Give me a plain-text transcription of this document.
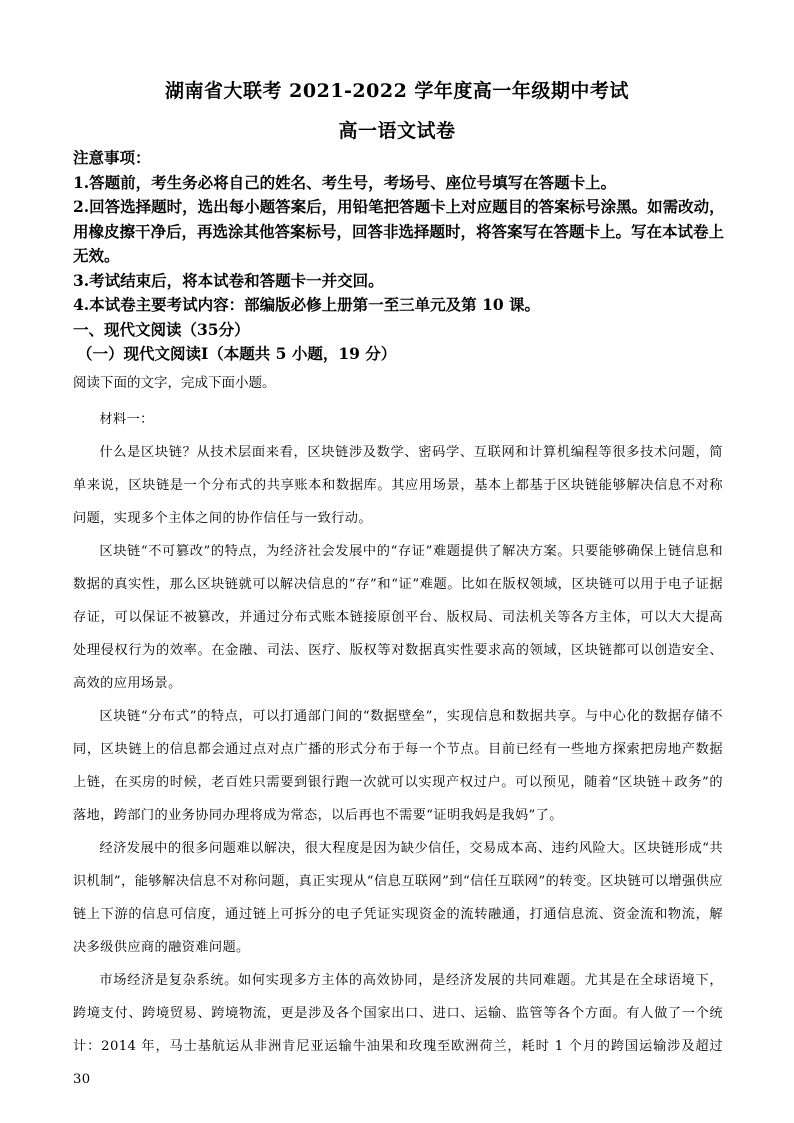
湖南省大联考 2021-2022 学年度高一年级期中考试
高一语文试卷

注意事项：

1.答题前，考生务必将自己的姓名、考生号，考场号、座位号填写在答题卡上。

2.回答选择题时，选出每小题答案后，用铅笔把答题卡上对应题目的答案标号涂黑。如需改动，用橡皮擦干净后，再选涂其他答案标号，回答非选择题时，将答案写在答题卡上。写在本试卷上无效。

3.考试结束后，将本试卷和答题卡一并交回。

4.本试卷主要考试内容：部编版必修上册第一至三单元及第 10 课。

一、现代文阅读（35分）

（一）现代文阅读Ⅰ（本题共 5 小题，19 分）

阅读下面的文字，完成下面小题。

材料一：

什么是区块链？从技术层面来看，区块链涉及数学、密码学、互联网和计算机编程等很多技术问题，简单来说，区块链是一个分布式的共享账本和数据库。其应用场景，基本上都基于区块链能够解决信息不对称问题，实现多个主体之间的协作信任与一致行动。

区块链“不可篡改”的特点，为经济社会发展中的“存证”难题提供了解决方案。只要能够确保上链信息和数据的真实性，那么区块链就可以解决信息的“存”和“证”难题。比如在版权领域，区块链可以用于电子证据存证，可以保证不被篡改，并通过分布式账本链接原创平台、版权局、司法机关等各方主体，可以大大提高处理侵权行为的效率。在金融、司法、医疗、版权等对数据真实性要求高的领域，区块链都可以创造安全、高效的应用场景。

区块链“分布式”的特点，可以打通部门间的“数据壁垒”，实现信息和数据共享。与中心化的数据存储不同，区块链上的信息都会通过点对点广播的形式分布于每一个节点。目前已经有一些地方探索把房地产数据上链，在买房的时候，老百姓只需要到银行跑一次就可以实现产权过户。可以预见，随着“区块链＋政务”的落地，跨部门的业务协同办理将成为常态，以后再也不需要“证明我妈是我妈”了。

经济发展中的很多问题难以解决，很大程度是因为缺少信任，交易成本高、违约风险大。区块链形成“共识机制”，能够解决信息不对称问题，真正实现从“信息互联网”到“信任互联网”的转变。区块链可以增强供应链上下游的信息可信度，通过链上可拆分的电子凭证实现资金的流转融通，打通信息流、资金流和物流，解决多级供应商的融资难问题。

市场经济是复杂系统。如何实现多方主体的高效协同，是经济发展的共同难题。尤其是在全球语境下，跨境支付、跨境贸易、跨境物流，更是涉及各个国家出口、进口、运输、监管等各个方面。有人做了一个统计：2014 年，马士基航运从非洲肯尼亚运输牛油果和玫瑰至欧洲荷兰，耗时 1 个月的跨国运输涉及超过 30
